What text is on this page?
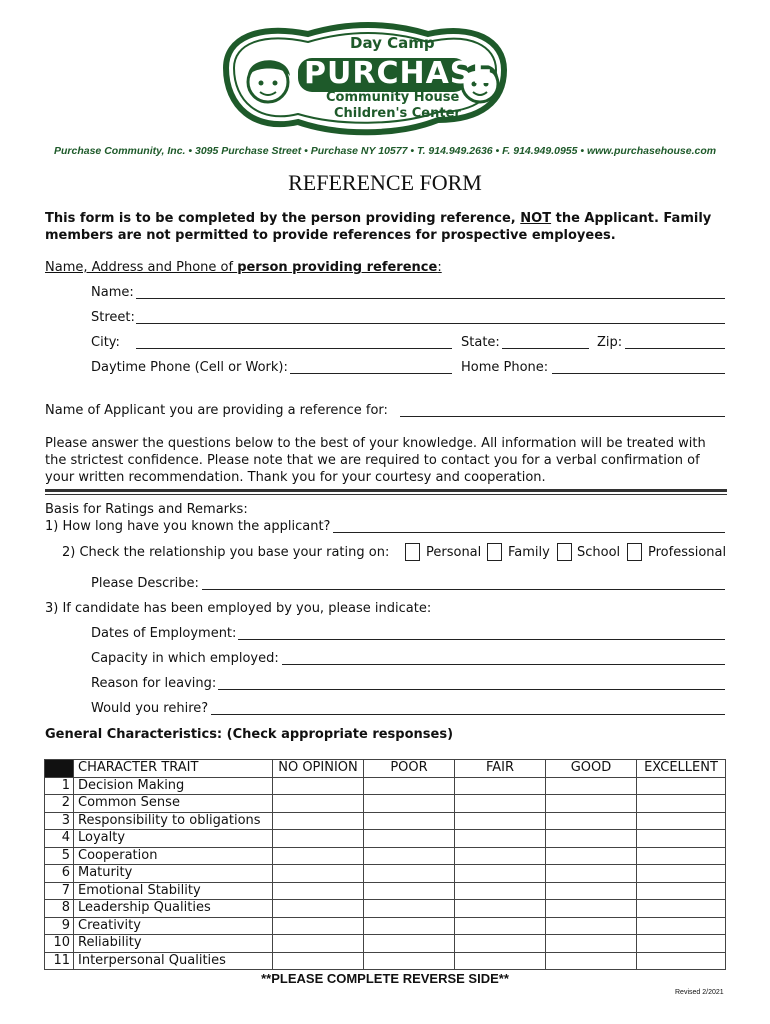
Day Camp
PURCHASE
Community House
Children's Center
Purchase Community, Inc. • 3095 Purchase Street • Purchase NY 10577 • T. 914.949.2636 • F. 914.949.0955 • www.purchasehouse.com
REFERENCE FORM
This form is to be completed by the person providing reference, NOT the Applicant. Family
members are not permitted to provide references for prospective employees.
Name, Address and Phone of person providing reference:
Name:
Street:
City:	State:	Zip:
Daytime Phone (Cell or Work):	Home Phone:
Name of Applicant you are providing a reference for:
Please answer the questions below to the best of your knowledge. All information will be treated with
the strictest confidence. Please note that we are required to contact you for a verbal confirmation of
your written recommendation. Thank you for your courtesy and cooperation.
Basis for Ratings and Remarks:
1) How long have you known the applicant?
2) Check the relationship you base your rating on:	Personal Family School Professional
Please Describe:
3) If candidate has been employed by you, please indicate:
Dates of Employment:
Capacity in which employed:
Reason for leaving:
Would you rehire?
General Characteristics: (Check appropriate responses)
	CHARACTER TRAIT	NO OPINION	POOR	FAIR	GOOD	EXCELLENT
1	Decision Making					
2	Common Sense					
3	Responsibility to obligations					
4	Loyalty					
5	Cooperation					
6	Maturity					
7	Emotional Stability					
8	Leadership Qualities					
9	Creativity					
10	Reliability					
11	Interpersonal Qualities					
**PLEASE COMPLETE REVERSE SIDE**
Revised 2/2021
